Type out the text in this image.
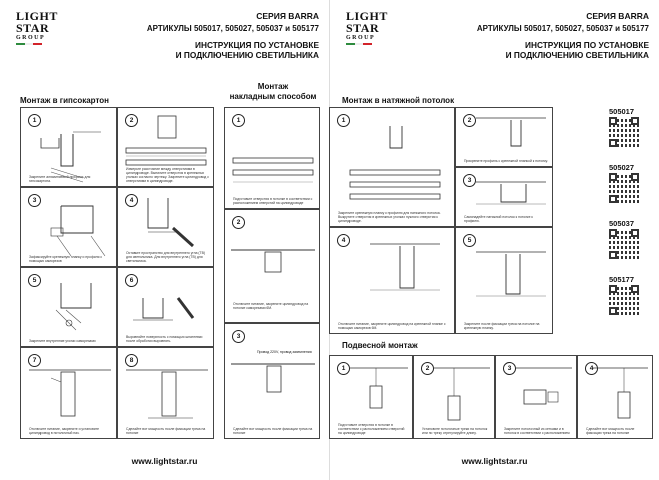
LIGHT
STAR
GROUP
СЕРИЯ BARRA
АРТИКУЛЫ 505017, 505027, 505037 и 505177
ИНСТРУКЦИЯ ПО УСТАНОВКЕ
И ПОДКЛЮЧЕНИЮ СВЕТИЛЬНИКА
Монтаж в гипсокартон
Монтаж
накладным способом
1
Закрепите алюминиевый профиль для гипсокартона.
2
Измерьте расстояние между отверстиями в цилиндроводе. Выпилите отверстия в крепежных уголках согласно чертежу. Закрепите цилиндровод с отверстиями в цилиндроводе.
3
Зафиксируйте крепежную планку и профиля с помощью саморезов
4
Оставьте пространство для внутреннего угла (TB) для светильника. Для внутреннего угла (TB) для светильника.
5
Закрепите внутренние уголки саморезами
6
Выровняйте поверхность с помощью шпатлевки после обработки выровнять.
7
Отключите питание, закрепите и установите цилиндровод в потолочный паз.
8
Сделайте вот мощность после фиксации трека на потолке
1
Подготовьте отверстия в потолке в соответствии с расположением отверстий на цилиндроводе
2
Отключите питание, закрепите цилиндровод на потолке саморезами 6М.
3
Провод 220V, провод заземления
Сделайте вот мощность после фиксации трека на потолке
www.lightstar.ru
LIGHT
STAR
GROUP
СЕРИЯ BARRA
АРТИКУЛЫ 505017, 505027, 505037 и 505177
ИНСТРУКЦИЯ ПО УСТАНОВКЕ
И ПОДКЛЮЧЕНИЮ СВЕТИЛЬНИКА
Монтаж в натяжной потолок
1
Закрепите крепежную планку к профилю для натяжного потолка. Выкрутите отверстия в крепежных уголках нужного отверстия к цилиндроводе.
2
Прикрепите профиль с крепежной планкой к потолку.
3
Самонадейте натяжной потолок к потолке к профилю.
4
Отключите питание, закрепите цилиндровод на крепежной планке с помощью саморезов 6М.
5
Закрепите после фиксации трека на потолке на крепежную планку.
505017
505027
505037
505177
Подвесной монтаж
1
Подготовьте отверстия в потолке в соответствии с расположением отверстий на цилиндроводе
2
Установите потолочные треки на потолок или по треку отрегулируйте длину.
3
Закрепите потолочный из сетками и в потолок в соответствии с расположением
4
Сделайте вот мощность после фиксации трека на потолке
www.lightstar.ru
